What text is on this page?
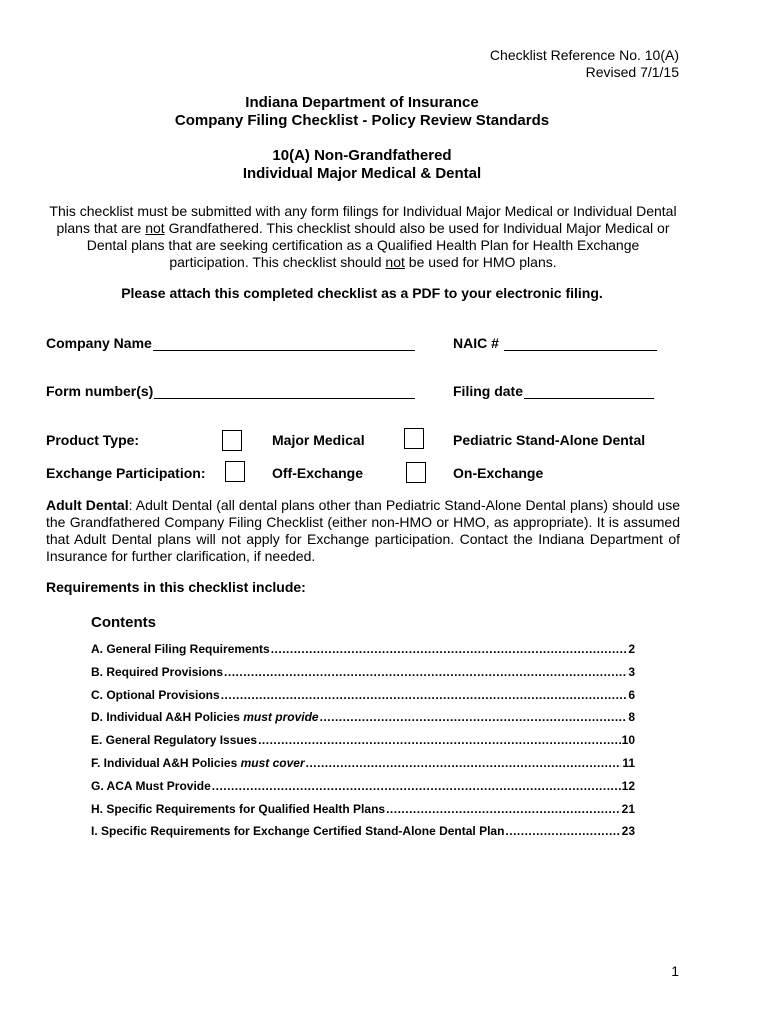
Checklist Reference No. 10(A)
Revised 7/1/15
Indiana Department of Insurance
Company Filing Checklist - Policy Review Standards
10(A) Non-Grandfathered
Individual Major Medical & Dental
This checklist must be submitted with any form filings for Individual Major Medical or Individual Dental plans that are not Grandfathered. This checklist should also be used for Individual Major Medical or Dental plans that are seeking certification as a Qualified Health Plan for Health Exchange participation. This checklist should not be used for HMO plans.
Please attach this completed checklist as a PDF to your electronic filing.
Company Name	NAIC #
Form number(s)	Filing date
Product Type:	Major Medical	Pediatric Stand-Alone Dental
Exchange Participation:	Off-Exchange	On-Exchange
Adult Dental: Adult Dental (all dental plans other than Pediatric Stand-Alone Dental plans) should use the Grandfathered Company Filing Checklist (either non-HMO or HMO, as appropriate). It is assumed that Adult Dental plans will not apply for Exchange participation. Contact the Indiana Department of Insurance for further clarification, if needed.
Requirements in this checklist include:
Contents
A. General Filing Requirements .....	2
B. Required Provisions .....	3
C. Optional Provisions .....	6
D. Individual A&H Policies must provide .....	8
E. General Regulatory Issues .....	10
F. Individual A&H Policies must cover .....	11
G. ACA Must Provide .....	12
H. Specific Requirements for Qualified Health Plans .....	21
I. Specific Requirements for Exchange Certified Stand-Alone Dental Plan .....	23
1
